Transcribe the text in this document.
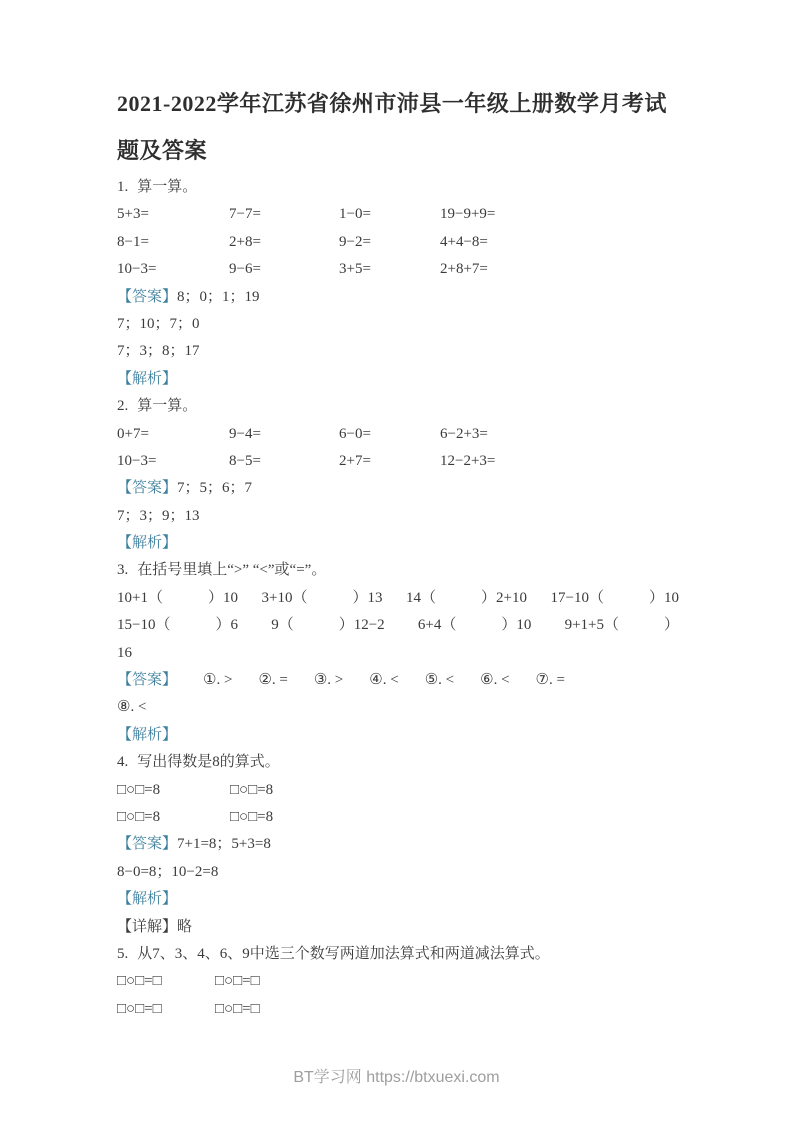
2021-2022学年江苏省徐州市沛县一年级上册数学月考试题及答案

1. 算一算。

5+3=	7−7=	1−0=	19−9+9=
8−1=	2+8=	9−2=	4+4−8=
10−3=	9−6=	3+5=	2+8+7=

【答案】8；0；1；19

7；10；7；0

7；3；8；17

【解析】

2. 算一算。

0+7=	9−4=	6−0=	6−2+3=
10−3=	8−5=	2+7=	12−2+3=

【答案】7；5；6；7

7；3；9；13

【解析】

3. 在括号里填上“>” “<”或“=”。

10+1（　　　）10 3+10（　　　）13 14（　　　）2+10 17−10（　　　）10
15−10（　　　）6 9（　　　）12−2 6+4（　　　）10 9+1+5（　　　）

16

【答案】 ①. > ②. = ③. > ④. < ⑤. < ⑥. < ⑦. =

⑧. <

【解析】

4. 写出得数是8的算式。

□○□=8	□○□=8
□○□=8	□○□=8

【答案】7+1=8；5+3=8

8−0=8；10−2=8

【解析】

【详解】略

5. 从7、3、4、6、9中选三个数写两道加法算式和两道减法算式。

□○□=□	□○□=□
□○□=□	□○□=□
BT学习网 https://btxuexi.com
